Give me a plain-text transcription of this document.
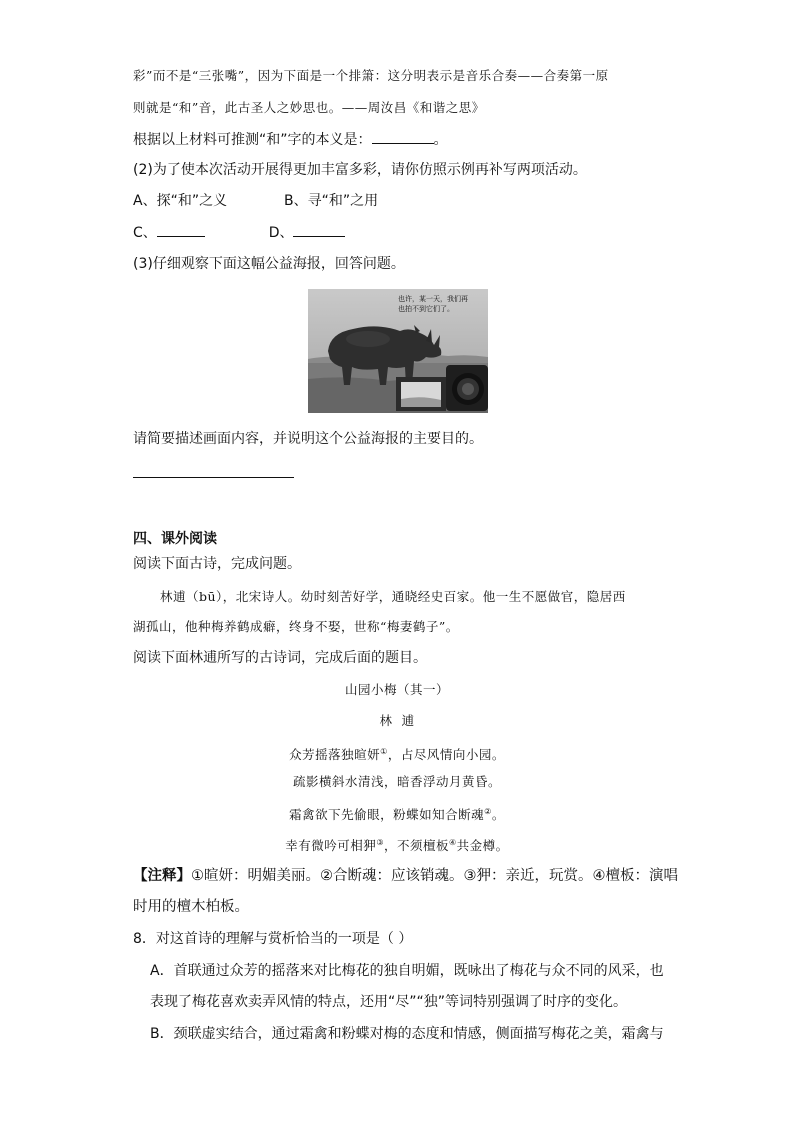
彩”而不是“三张嘴”，因为下面是一个排箫：这分明表示是音乐合奏——合奏第一原
则就是“和”音，此古圣人之妙思也。——周汝昌《和谐之思》
根据以上材料可推测“和”字的本义是：	。
(2)为了使本次活动开展得更加丰富多彩，请你仿照示例再补写两项活动。
A、探“和”之义	B、寻“和”之用
C、	D、
(3)仔细观察下面这幅公益海报，回答问题。
也许，某一天，我们再
也拍不到它们了。
请简要描述画面内容，并说明这个公益海报的主要目的。
四、课外阅读
阅读下面古诗，完成问题。
林逋（bū），北宋诗人。幼时刻苦好学，通晓经史百家。他一生不愿做官，隐居西
湖孤山，他种梅养鹤成癖，终身不娶，世称“梅妻鹤子”。
阅读下面林逋所写的古诗词，完成后面的题目。
山园小梅（其一）
林  逋
众芳摇落独暄妍①，占尽风情向小园。
疏影横斜水清浅，暗香浮动月黄昏。
霜禽欲下先偷眼，粉蝶如知合断魂②。
幸有微吟可相狎③，不须檀板④共金樽。
【注释】①暄妍：明媚美丽。②合断魂：应该销魂。③狎：亲近，玩赏。④檀板：演唱
时用的檀木柏板。
8．对这首诗的理解与赏析恰当的一项是（ ）
A．首联通过众芳的摇落来对比梅花的独自明媚，既咏出了梅花与众不同的风采，也
表现了梅花喜欢卖弄风情的特点，还用“尽”“独”等词特别强调了时序的变化。
B．颈联虚实结合，通过霜禽和粉蝶对梅的态度和情感，侧面描写梅花之美，霜禽与
